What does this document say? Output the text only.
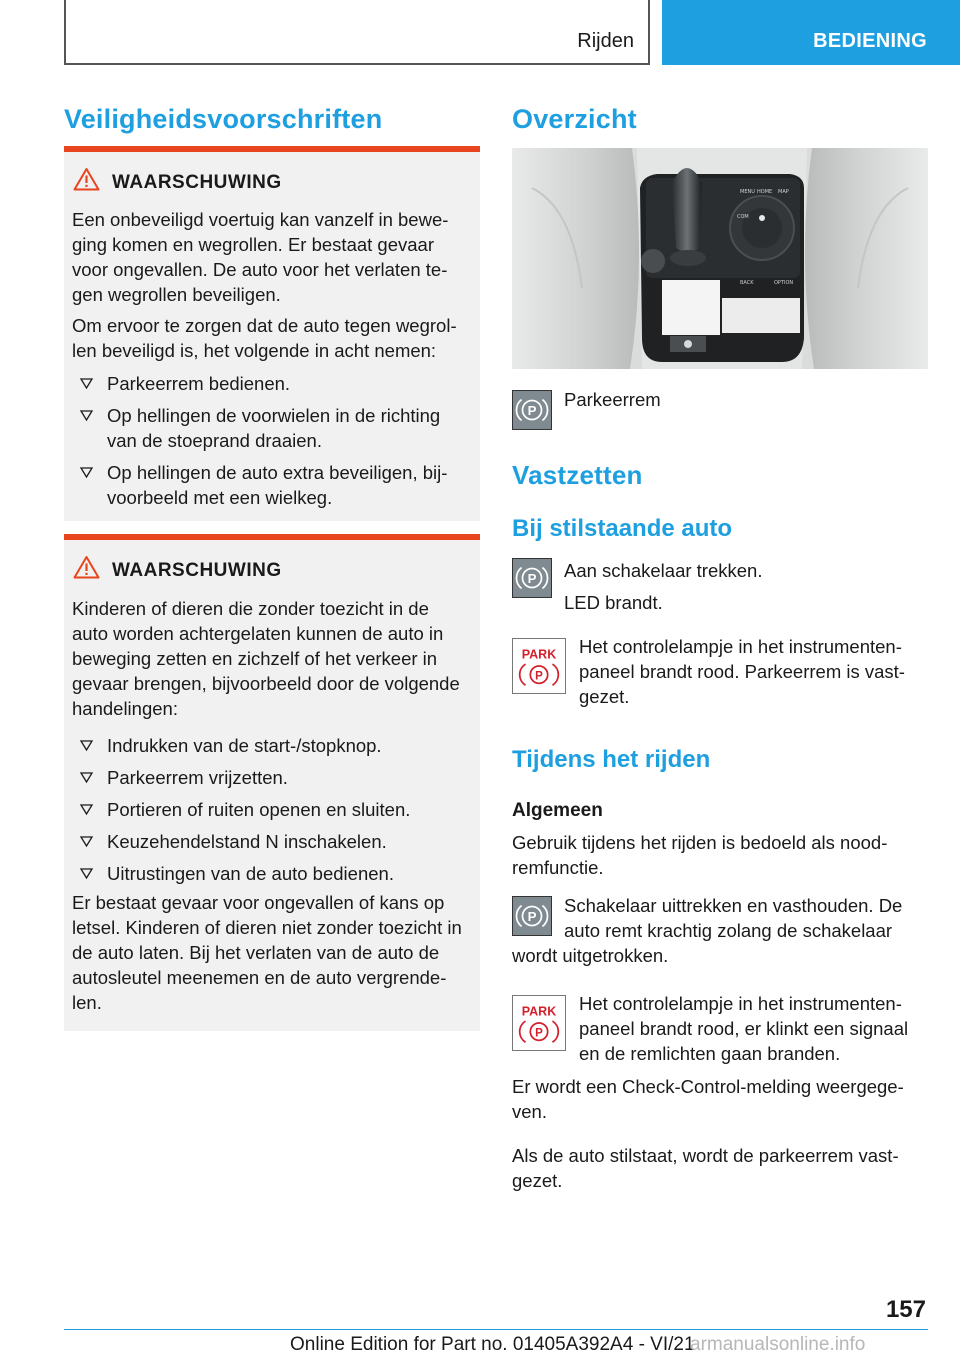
Rijden	BEDIENING
Veiligheidsvoorschriften
WAARSCHUWING
Een onbeveiligd voertuig kan vanzelf in bewe-
ging komen en wegrollen. Er bestaat gevaar
voor ongevallen. De auto voor het verlaten te-
gen wegrollen beveiligen.
Om ervoor te zorgen dat de auto tegen wegrol-
len beveiligd is, het volgende in acht nemen:
Parkeerrem bedienen.
Op hellingen de voorwielen in de richting
van de stoeprand draaien.
Op hellingen de auto extra beveiligen, bij-
voorbeeld met een wielkeg.
WAARSCHUWING
Kinderen of dieren die zonder toezicht in de
auto worden achtergelaten kunnen de auto in
beweging zetten en zichzelf of het verkeer in
gevaar brengen, bijvoorbeeld door de volgende
handelingen:
Indrukken van de start-/stopknop.
Parkeerrem vrijzetten.
Portieren of ruiten openen en sluiten.
Keuzehendelstand N inschakelen.
Uitrustingen van de auto bedienen.
Er bestaat gevaar voor ongevallen of kans op
letsel. Kinderen of dieren niet zonder toezicht in
de auto laten. Bij het verlaten van de auto de
autosleutel meenemen en de auto vergrende-
len.
Overzicht
MENU HOME MAP
COM
BACK	OPTION
P
Parkeerrem
Vastzetten
Bij stilstaande auto
P Aan schakelaar trekken.
LED brandt.
PARK
P
Het controlelampje in het instrumenten-
paneel brandt rood. Parkeerrem is vast-
gezet.
Tijdens het rijden
Algemeen
Gebruik tijdens het rijden is bedoeld als nood-
remfunctie.
P
Schakelaar uittrekken en vasthouden. De
auto remt krachtig zolang de schakelaar
wordt uitgetrokken.
PARK
P
Het controlelampje in het instrumenten-
paneel brandt rood, er klinkt een signaal
en de remlichten gaan branden.
Er wordt een Check-Control-melding weergege-
ven.
Als de auto stilstaat, wordt de parkeerrem vast-
gezet.
157
Online Edition for Part no. 01405A392A4 - VI/21
armanualsonline.info
